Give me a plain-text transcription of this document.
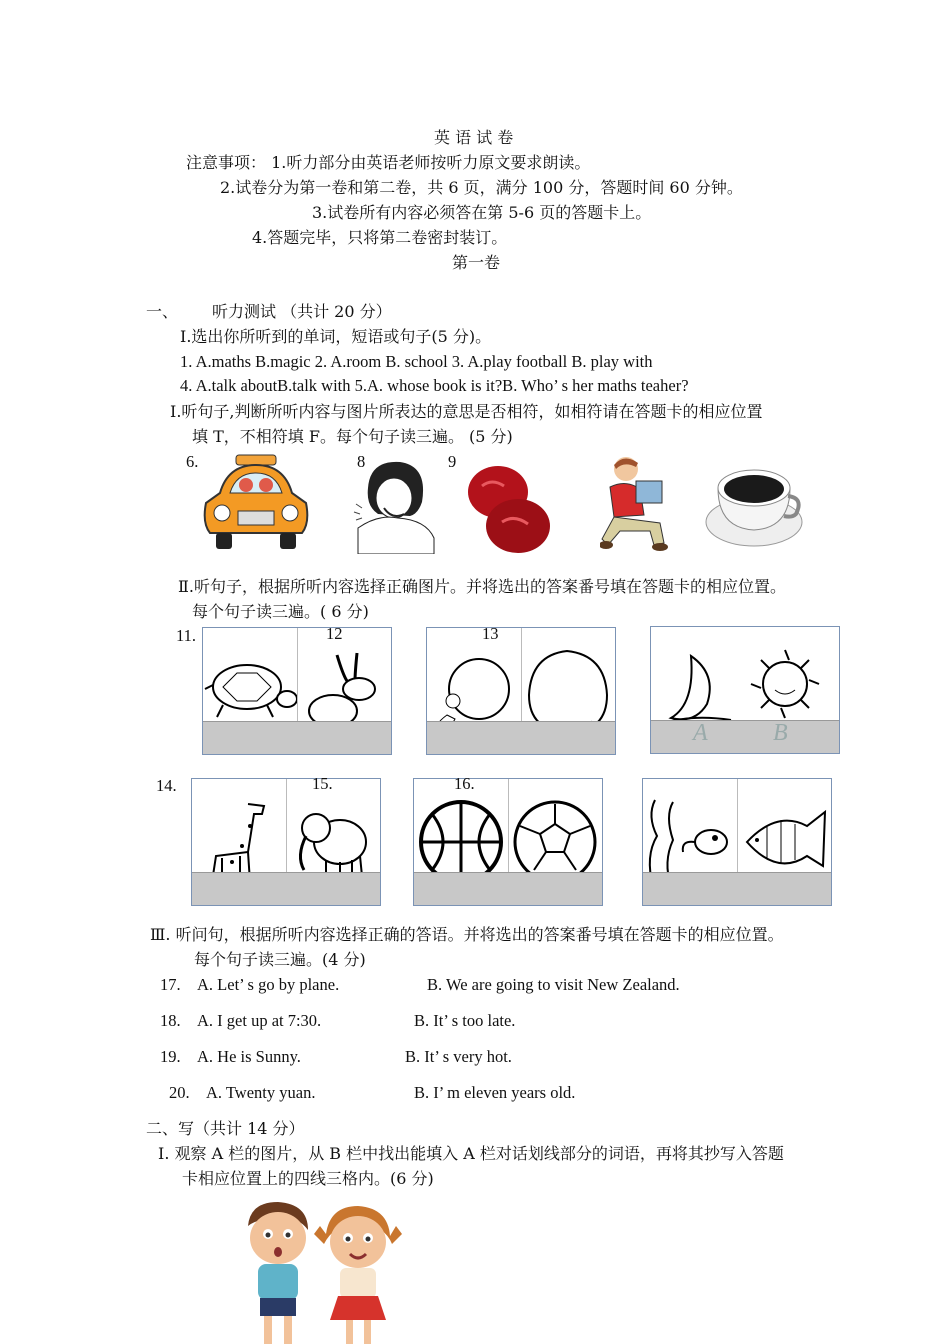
英 语 试 卷
注意事项： 1.听力部分由英语老师按听力原文要求朗读。
2.试卷分为第一卷和第二卷，共 6 页，满分 100 分，答题时间 60 分钟。
3.试卷所有内容必须答在第 5-6 页的答题卡上。
4.答题完毕，只将第二卷密封装订。
第一卷
一、 听力测试 （共计 20 分）
Ⅰ.选出你所听到的单词，短语或句子(5 分)。
1. A.maths B.magic 2. A.room B. school 3. A.play football B. play with
4. A.talk aboutB.talk with 5.A. whose book is it?B. Who’ s her maths teaher?
Ⅰ.听句子,判断所听内容与图片所表达的意思是否相符，如相符请在答题卡的相应位置
填 T，不相符填 F。每个句子读三遍。 (5 分)
6.	8	9
Ⅱ.听句子，根据所听内容选择正确图片。并将选出的答案番号填在答题卡的相应位置。
每个句子读三遍。( 6 分)
11.	12	13
A	B
14.	15.	16.
Ⅲ. 听问句，根据所听内容选择正确的答语。并将选出的答案番号填在答题卡的相应位置。
每个句子读三遍。(4 分)
17. A. Let’ s go by plane.	B. We are going to visit New Zealand.
18. A. I get up at 7:30.	B. It’ s too late.
19. A. He is Sunny.	B. It’ s very hot.
20. A. Twenty yuan.	B. I’ m eleven years old.
二、写（共计 14 分）
Ⅰ. 观察 A 栏的图片，从 B 栏中找出能填入 A 栏对话划线部分的词语，再将其抄写入答题
卡相应位置上的四线三格内。(6 分)
